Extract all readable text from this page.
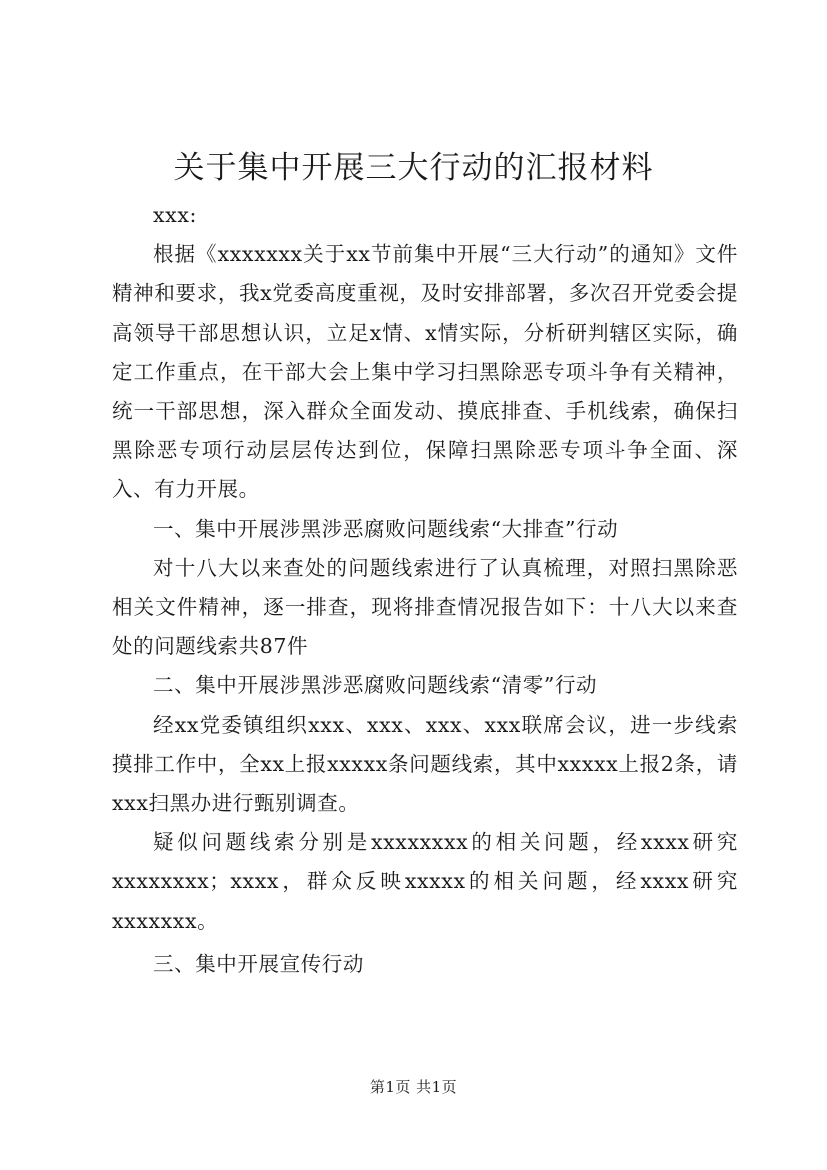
关于集中开展三大行动的汇报材料

xxx:

根据《xxxxxxx关于xx节前集中开展“三大行动”的通知》文件精神和要求，我x党委高度重视，及时安排部署，多次召开党委会提高领导干部思想认识，立足x情、x情实际，分析研判辖区实际，确定工作重点，在干部大会上集中学习扫黑除恶专项斗争有关精神，统一干部思想，深入群众全面发动、摸底排查、手机线索，确保扫黑除恶专项行动层层传达到位，保障扫黑除恶专项斗争全面、深入、有力开展。

一、集中开展涉黑涉恶腐败问题线索“大排查”行动

对十八大以来查处的问题线索进行了认真梳理，对照扫黑除恶相关文件精神，逐一排查，现将排查情况报告如下：十八大以来查处的问题线索共87件

二、集中开展涉黑涉恶腐败问题线索“清零”行动

经xx党委镇组织xxx、xxx、xxx、xxx联席会议，进一步线索摸排工作中，全xx上报xxxxx条问题线索，其中xxxxx上报2条，请xxx扫黑办进行甄别调查。

疑似问题线索分别是xxxxxxxx的相关问题，经xxxx研究xxxxxxxx；xxxx，群众反映xxxxx的相关问题，经xxxx研究xxxxxxx。

三、集中开展宣传行动

第1页 共1页
